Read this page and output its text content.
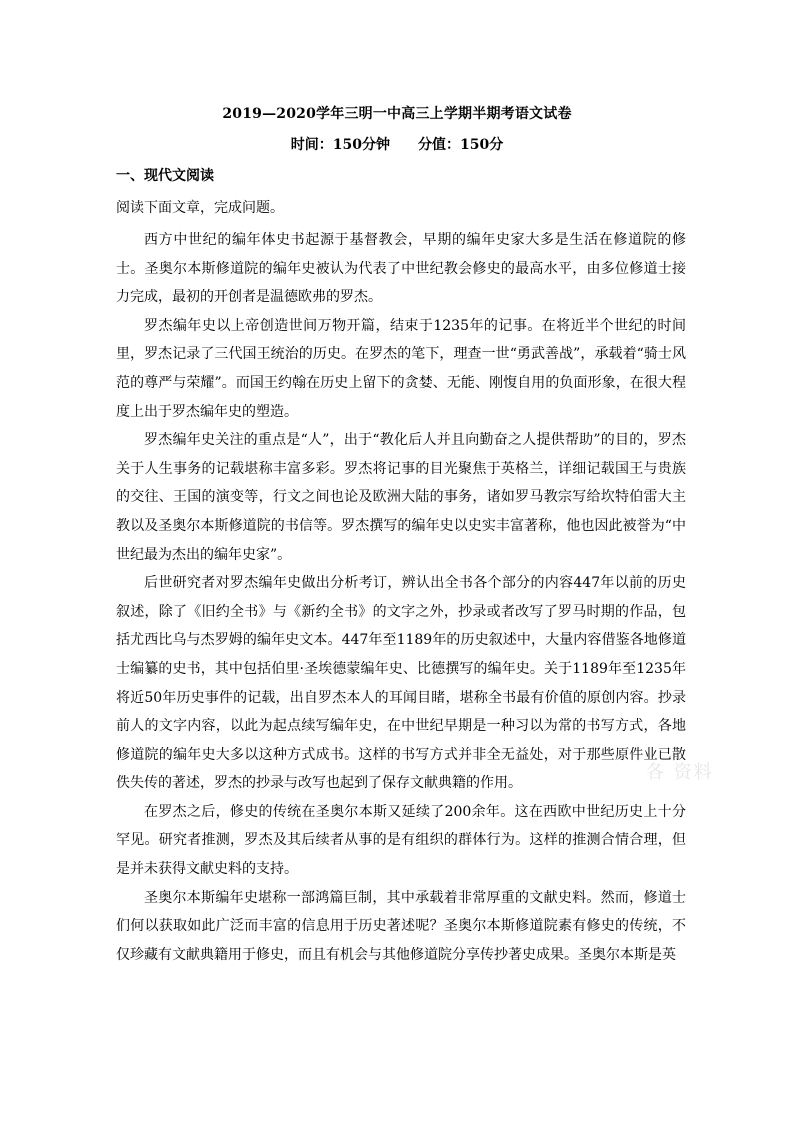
2019—2020学年三明一中高三上学期半期考语文试卷
时间：150分钟 分值：150分
一、现代文阅读
阅读下面文章，完成问题。

西方中世纪的编年体史书起源于基督教会，早期的编年史家大多是生活在修道院的修士。圣奥尔本斯修道院的编年史被认为代表了中世纪教会修史的最高水平，由多位修道士接力完成，最初的开创者是温德欧弗的罗杰。

罗杰编年史以上帝创造世间万物开篇，结束于1235年的记事。在将近半个世纪的时间里，罗杰记录了三代国王统治的历史。在罗杰的笔下，理查一世“勇武善战”，承载着“骑士风范的尊严与荣耀”。而国王约翰在历史上留下的贪婪、无能、刚愎自用的负面形象，在很大程度上出于罗杰编年史的塑造。

罗杰编年史关注的重点是“人”，出于“教化后人并且向勤奋之人提供帮助”的目的，罗杰关于人生事务的记载堪称丰富多彩。罗杰将记事的目光聚焦于英格兰，详细记载国王与贵族的交往、王国的演变等，行文之间也论及欧洲大陆的事务，诸如罗马教宗写给坎特伯雷大主教以及圣奥尔本斯修道院的书信等。罗杰撰写的编年史以史实丰富著称，他也因此被誉为“中世纪最为杰出的编年史家”。

后世研究者对罗杰编年史做出分析考订，辨认出全书各个部分的内容447年以前的历史叙述，除了《旧约全书》与《新约全书》的文字之外，抄录或者改写了罗马时期的作品，包括尤西比乌与杰罗姆的编年史文本。447年至1189年的历史叙述中，大量内容借鉴各地修道士编纂的史书，其中包括伯里·圣埃德蒙编年史、比德撰写的编年史。关于1189年至1235年将近50年历史事件的记载，出自罗杰本人的耳闻目睹，堪称全书最有价值的原创内容。抄录前人的文字内容，以此为起点续写编年史，在中世纪早期是一种习以为常的书写方式，各地修道院的编年史大多以这种方式成书。这样的书写方式并非全无益处，对于那些原件业已散佚失传的著述，罗杰的抄录与改写也起到了保存文献典籍的作用。

在罗杰之后，修史的传统在圣奥尔本斯又延续了200余年。这在西欧中世纪历史上十分罕见。研究者推测，罗杰及其后续者从事的是有组织的群体行为。这样的推测合情合理，但是并未获得文献史料的支持。

圣奥尔本斯编年史堪称一部鸿篇巨制，其中承载着非常厚重的文献史料。然而，修道士们何以获取如此广泛而丰富的信息用于历史著述呢？圣奥尔本斯修道院素有修史的传统，不仅珍藏有文献典籍用于修史，而且有机会与其他修道院分享传抄著史成果。圣奥尔本斯是英

各 资料
